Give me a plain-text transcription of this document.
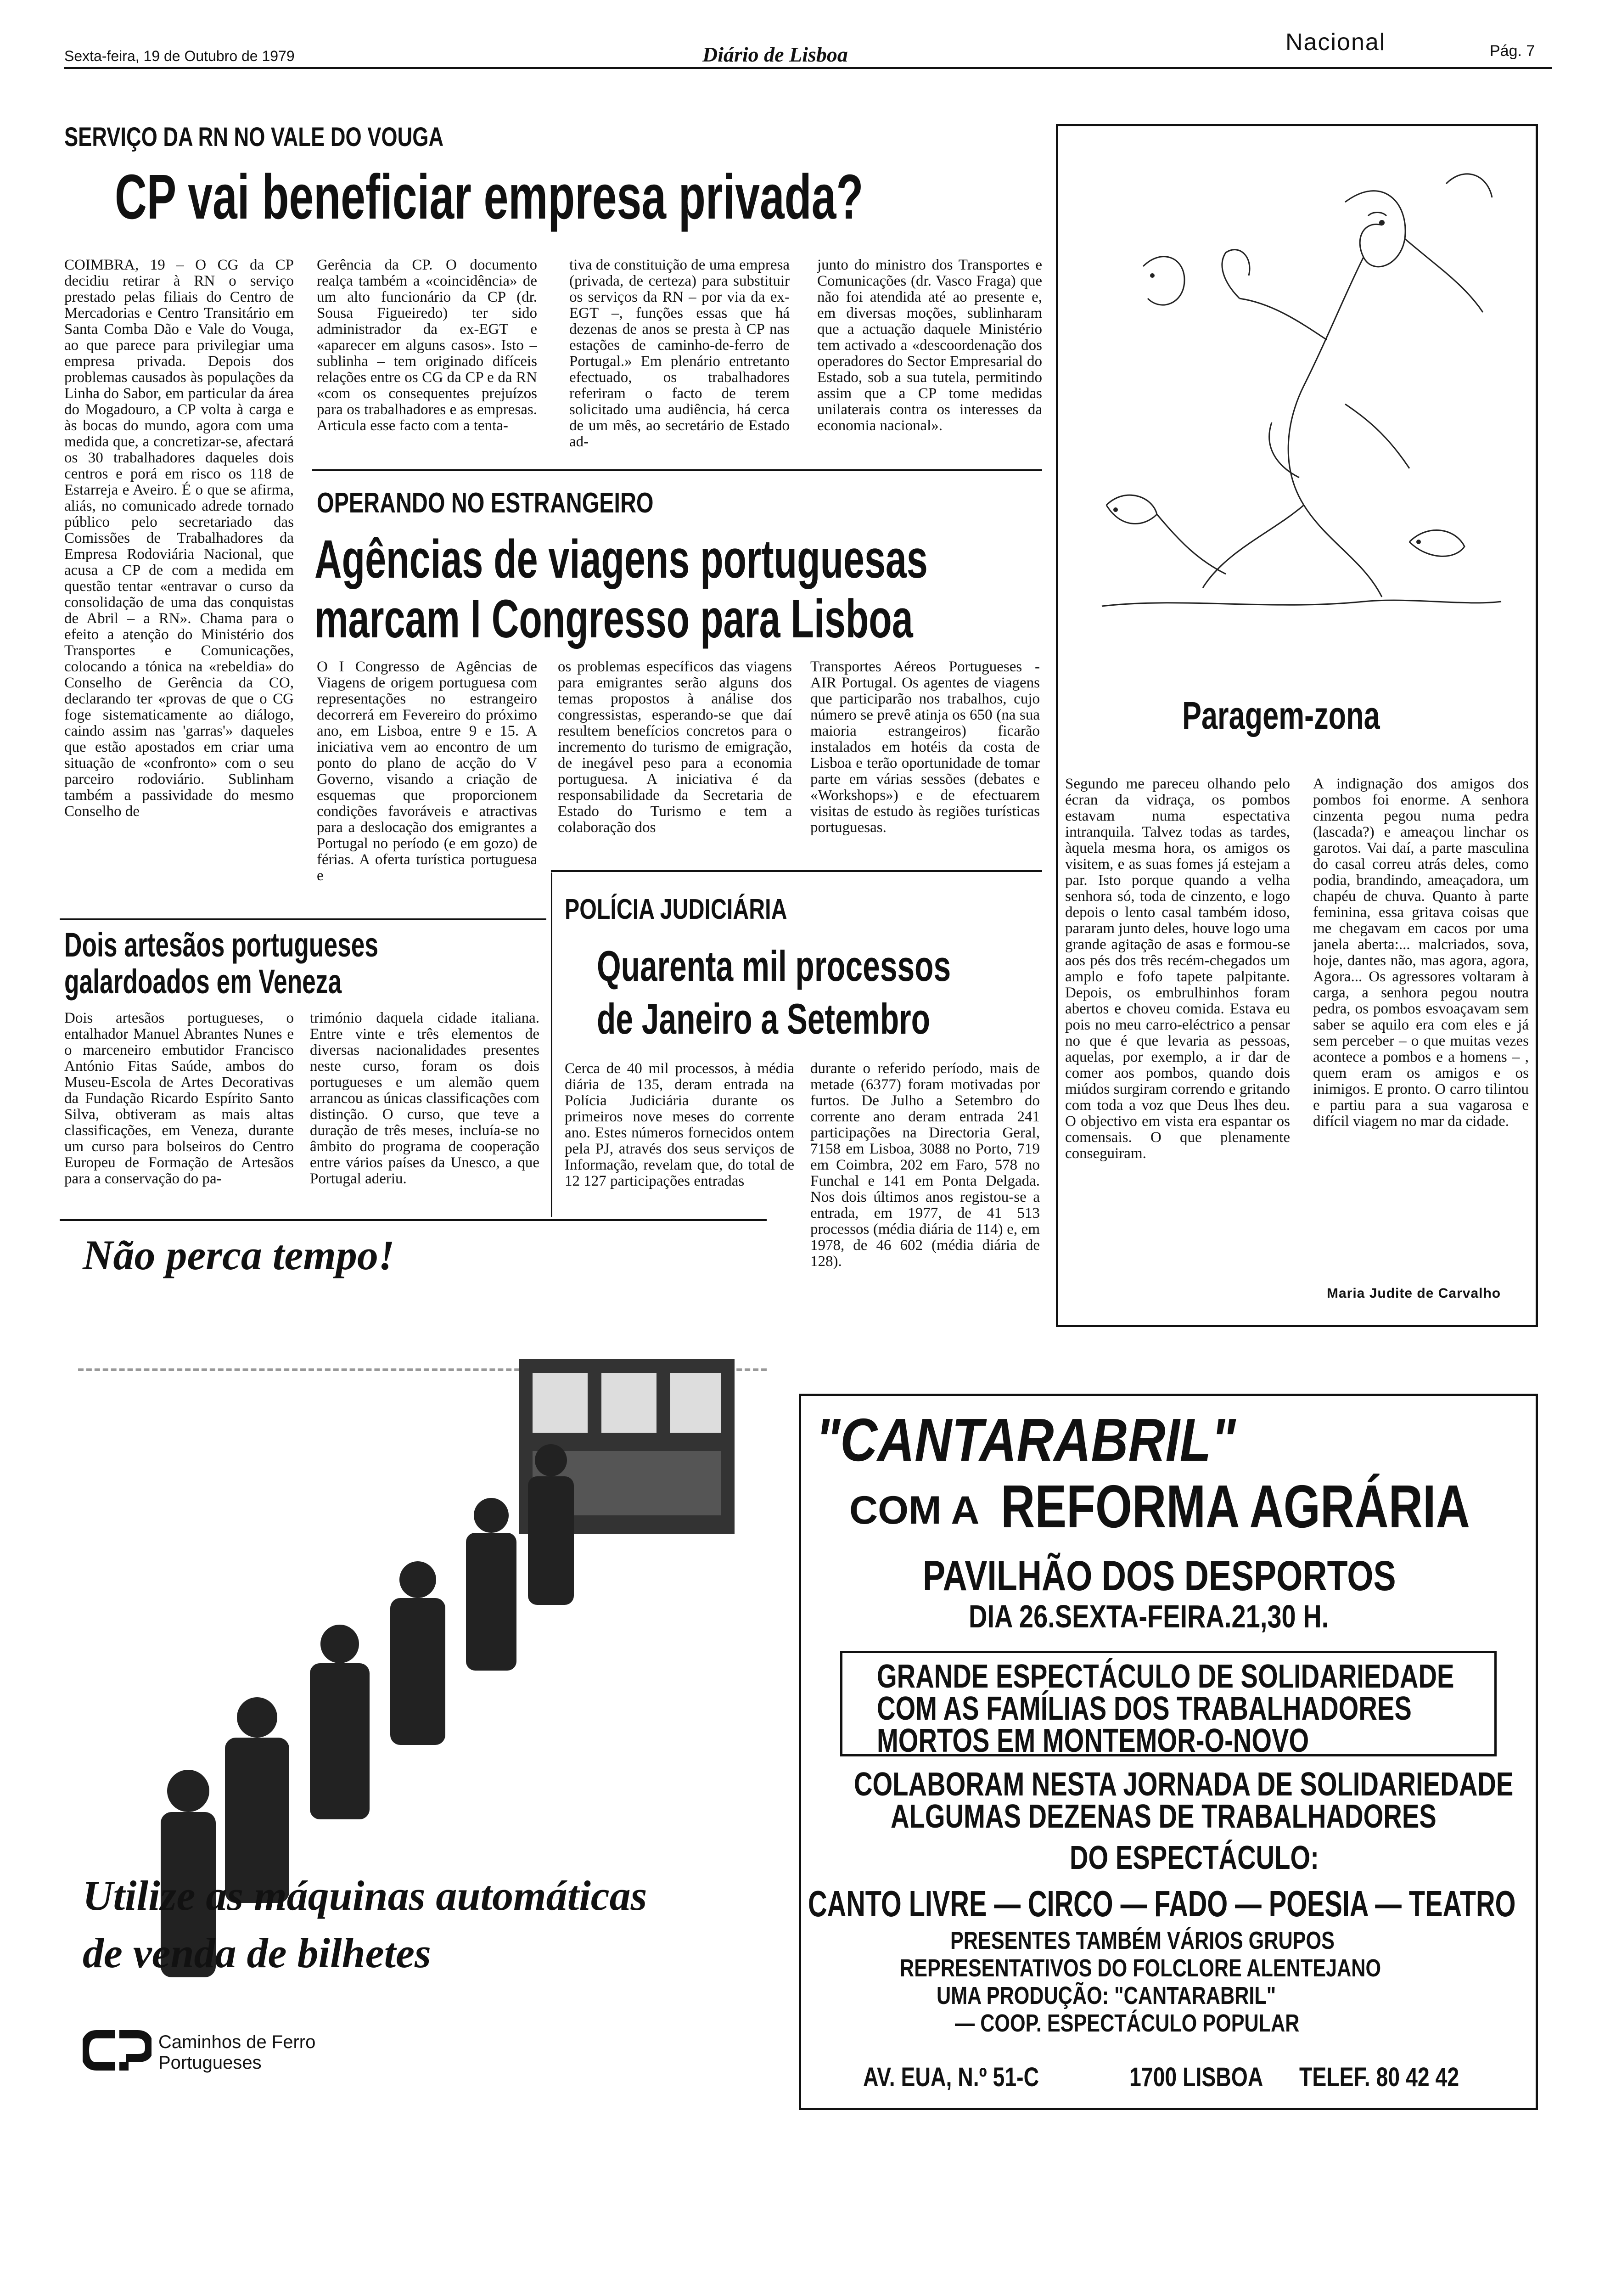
Sexta-feira, 19 de Outubro de 1979	Diário de Lisboa	Nacional	Pág. 7
SERVIÇO DA RN NO VALE DO VOUGA
CP vai beneficiar empresa privada?
COIMBRA, 19 – O CG da CP decidiu retirar à RN o serviço prestado pelas filiais do Centro de Mercadorias e Centro Transitário em Santa Comba Dão e Vale do Vouga, ao que parece para privilegiar uma empresa privada. Depois dos problemas causados às populações da Linha do Sabor, em particular da área do Mogadouro, a CP volta à carga e às bocas do mundo, agora com uma medida que, a concretizar-se, afectará os 30 trabalhadores daqueles dois centros e porá em risco os 118 de Estarreja e Aveiro. É o que se afirma, aliás, no comunicado adrede tornado público pelo secretariado das Comissões de Trabalhadores da Empresa Rodoviária Nacional, que acusa a CP de com a medida em questão tentar «entravar o curso da consolidação de uma das conquistas de Abril – a RN». Chama para o efeito a atenção do Ministério dos Transportes e Comunicações, colocando a tónica na «rebeldia» do Conselho de Gerência da CO, declarando ter «provas de que o CG foge sistematicamente ao diálogo, caindo assim nas 'garras'» daqueles que estão apostados em criar uma situação de «confronto» com o seu parceiro rodoviário. Sublinham também a passividade do mesmo Conselho de
Gerência da CP. O documento realça também a «coincidência» de um alto funcionário da CP (dr. Sousa Figueiredo) ter sido administrador da ex-EGT e «aparecer em alguns casos». Isto – sublinha – tem originado difíceis relações entre os CG da CP e da RN «com os consequentes prejuízos para os trabalhadores e as empresas. Articula esse facto com a tenta-
tiva de constituição de uma empresa (privada, de certeza) para substituir os serviços da RN – por via da ex-EGT –, funções essas que há dezenas de anos se presta à CP nas estações de caminho-de-ferro de Portugal.» Em plenário entretanto efectuado, os trabalhadores referiram o facto de terem solicitado uma audiência, há cerca de um mês, ao secretário de Estado ad-
junto do ministro dos Transportes e Comunicações (dr. Vasco Fraga) que não foi atendida até ao presente e, em diversas moções, sublinharam que a actuação daquele Ministério tem activado a «descoordenação dos operadores do Sector Empresarial do Estado, sob a sua tutela, permitindo assim que a CP tome medidas unilaterais contra os interesses da economia nacional».
OPERANDO NO ESTRANGEIRO
Agências de viagens portuguesas
marcam I Congresso para Lisboa
O I Congresso de Agências de Viagens de origem portuguesa com representações no estrangeiro decorrerá em Fevereiro do próximo ano, em Lisboa, entre 9 e 15. A iniciativa vem ao encontro de um ponto do plano de acção do V Governo, visando a criação de esquemas que proporcionem condições favoráveis e atractivas para a deslocação dos emigrantes a Portugal no período (e em gozo) de férias. A oferta turística portuguesa e
os problemas específicos das viagens para emigrantes serão alguns dos temas propostos à análise dos congressistas, esperando-se que daí resultem benefícios concretos para o incremento do turismo de emigração, de inegável peso para a economia portuguesa. A iniciativa é da responsabilidade da Secretaria de Estado do Turismo e tem a colaboração dos
Transportes Aéreos Portugueses - AIR Portugal. Os agentes de viagens que participarão nos trabalhos, cujo número se prevê atinja os 650 (na sua maioria estrangeiros) ficarão instalados em hotéis da costa de Lisboa e terão oportunidade de tomar parte em várias sessões (debates e «Workshops») e de efectuarem visitas de estudo às regiões turísticas portuguesas.
Dois artesãos portugueses
galardoados em Veneza
Dois artesãos portugueses, o entalhador Manuel Abrantes Nunes e o marceneiro embutidor Francisco António Fitas Saúde, ambos do Museu-Escola de Artes Decorativas da Fundação Ricardo Espírito Santo Silva, obtiveram as mais altas classificações, em Veneza, durante um curso para bolseiros do Centro Europeu de Formação de Artesãos para a conservação do pa-
trimónio daquela cidade italiana. Entre vinte e três elementos de diversas nacionalidades presentes neste curso, foram os dois portugueses e um alemão quem arrancou as únicas classificações com distinção. O curso, que teve a duração de três meses, incluía-se no âmbito do programa de cooperação entre vários países da Unesco, a que Portugal aderiu.
POLÍCIA JUDICIÁRIA
Quarenta mil processos
de Janeiro a Setembro
Cerca de 40 mil processos, à média diária de 135, deram entrada na Polícia Judiciária durante os primeiros nove meses do corrente ano. Estes números fornecidos ontem pela PJ, através dos seus serviços de Informação, revelam que, do total de 12 127 participações entradas
durante o referido período, mais de metade (6377) foram motivadas por furtos. De Julho a Setembro do corrente ano deram entrada 241 participações na Directoria Geral, 7158 em Lisboa, 3088 no Porto, 719 em Coimbra, 202 em Faro, 578 no Funchal e 141 em Ponta Delgada. Nos dois últimos anos registou-se a entrada, em 1977, de 41 513 processos (média diária de 114) e, em 1978, de 46 602 (média diária de 128).
Paragem-zona
Segundo me pareceu olhando pelo écran da vidraça, os pombos estavam numa espectativa intranquila. Talvez todas as tardes, àquela mesma hora, os amigos os visitem, e as suas fomes já estejam a par. Isto porque quando a velha senhora só, toda de cinzento, e logo depois o lento casal também idoso, pararam junto deles, houve logo uma grande agitação de asas e formou-se aos pés dos três recém-chegados um amplo e fofo tapete palpitante. Depois, os embrulhinhos foram abertos e choveu comida. Estava eu pois no meu carro-eléctrico a pensar no que é que levaria as pessoas, aquelas, por exemplo, a ir dar de comer aos pombos, quando dois miúdos surgiram correndo e gritando com toda a voz que Deus lhes deu. O objectivo em vista era espantar os comensais. O que plenamente conseguiram.
A indignação dos amigos dos pombos foi enorme. A senhora cinzenta pegou numa pedra (lascada?) e ameaçou linchar os garotos. Vai daí, a parte masculina do casal correu atrás deles, como podia, brandindo, ameaçadora, um chapéu de chuva. Quanto à parte feminina, essa gritava coisas que me chegavam em cacos por uma janela aberta:... malcriados, sova, hoje, dantes não, mas agora, agora, Agora... Os agressores voltaram à carga, a senhora pegou noutra pedra, os pombos esvoaçavam sem saber se aquilo era com eles e já sem perceber – o que muitas vezes acontece a pombos e a homens – , quem eram os amigos e os inimigos. E pronto. O carro tilintou e partiu para a sua vagarosa e difícil viagem no mar da cidade.
Maria Judite de Carvalho
Não perca tempo!
Utilize as máquinas automáticas
de venda de bilhetes
Caminhos de Ferro
Portugueses
"CANTARABRIL"
COM A REFORMA AGRÁRIA
PAVILHÃO DOS DESPORTOS
DIA 26.SEXTA-FEIRA.21,30 H.
GRANDE ESPECTÁCULO DE SOLIDARIEDADE
COM AS FAMÍLIAS DOS TRABALHADORES
MORTOS EM MONTEMOR-O-NOVO
COLABORAM NESTA JORNADA DE SOLIDARIEDADE
ALGUMAS DEZENAS DE TRABALHADORES
DO ESPECTÁCULO:
CANTO LIVRE — CIRCO — FADO — POESIA — TEATRO
PRESENTES TAMBÉM VÁRIOS GRUPOS
REPRESENTATIVOS DO FOLCLORE ALENTEJANO
UMA PRODUÇÃO: "CANTARABRIL"
— COOP. ESPECTÁCULO POPULAR
AV. EUA, N.º 51-C	1700 LISBOA TELEF. 80 42 42
